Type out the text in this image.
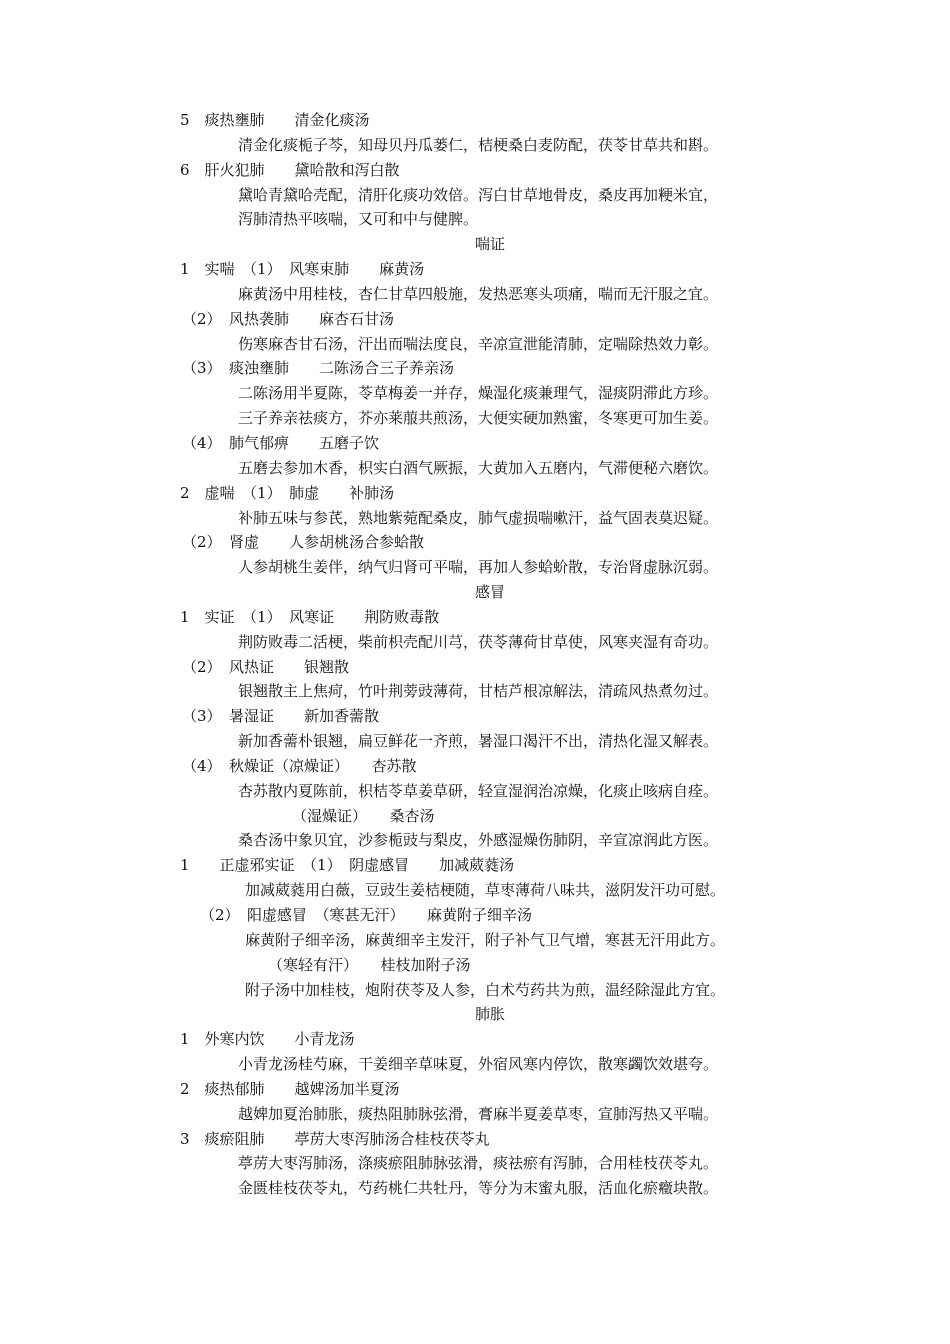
5　痰热壅肺　　清金化痰汤
清金化痰栀子芩，知母贝丹瓜蒌仁，桔梗桑白麦防配，茯苓甘草共和斟。
6　肝火犯肺　　黛哈散和泻白散
黛哈青黛哈壳配，清肝化痰功效倍。泻白甘草地骨皮，桑皮再加粳米宜，
泻肺清热平咳喘，又可和中与健脾。
喘证
1　实喘　（1）　风寒束肺　　麻黄汤
麻黄汤中用桂枝，杏仁甘草四般施，发热恶寒头项痛，喘而无汗服之宜。
（2）　风热袭肺　　麻杏石甘汤
伤寒麻杏甘石汤，汗出而喘法度良，辛凉宣泄能清肺，定喘除热效力彰。
（3）　痰浊壅肺　　二陈汤合三子养亲汤
二陈汤用半夏陈，苓草梅姜一并存，燥湿化痰兼理气，湿痰阴滞此方珍。
三子养亲祛痰方，芥亦莱菔共煎汤，大便实硬加熟蜜，冬寒更可加生姜。
（4）　肺气郁痹　　五磨子饮
五磨去参加木香，枳实白酒气厥振，大黄加入五磨内，气滞便秘六磨饮。
2　虚喘　（1）　肺虚　　补肺汤
补肺五味与参芪，熟地紫菀配桑皮，肺气虚损喘嗽汗，益气固表莫迟疑。
（2）　肾虚　　人参胡桃汤合参蛤散
人参胡桃生姜伴，纳气归肾可平喘，再加人参蛤蚧散，专治肾虚脉沉弱。
感冒
1　实证　（1）　风寒证　　荆防败毒散
荆防败毒二活梗，柴前枳壳配川芎，茯苓薄荷甘草使，风寒夹湿有奇功。
（2）　风热证　　银翘散
银翘散主上焦疴，竹叶荆蒡豉薄荷，甘桔芦根凉解法，清疏风热煮勿过。
（3）　暑湿证　　新加香薷散
新加香薷朴银翘，扁豆鲜花一齐煎，暑湿口渴汗不出，清热化湿又解表。
（4）　秋燥证（凉燥证）　　杏苏散
杏苏散内夏陈前，枳桔苓草姜草研，轻宣湿润治凉燥，化痰止咳病自痊。
（湿燥证）　　桑杏汤
桑杏汤中象贝宜，沙参栀豉与梨皮，外感湿燥伤肺阴，辛宣凉润此方医。
1　　正虚邪实证　（1）　阴虚感冒　　加减葳蕤汤
加减葳蕤用白薇，豆豉生姜桔梗随，草枣薄荷八味共，滋阴发汗功可慰。
（2）　阳虚感冒　（寒甚无汗）　　麻黄附子细辛汤
麻黄附子细辛汤，麻黄细辛主发汗，附子补气卫气增，寒甚无汗用此方。
（寒轻有汗）　　桂枝加附子汤
附子汤中加桂枝，炮附茯苓及人参，白术芍药共为煎，温经除湿此方宜。
肺胀
1　外寒内饮　　小青龙汤
小青龙汤桂芍麻，干姜细辛草味夏，外宿风寒内停饮，散寒蠲饮效堪夸。
2　痰热郁肺　　越婢汤加半夏汤
越婢加夏治肺胀，痰热阻肺脉弦滑，膏麻半夏姜草枣，宣肺泻热又平喘。
3　痰瘀阻肺　　葶苈大枣泻肺汤合桂枝茯苓丸
葶苈大枣泻肺汤，涤痰瘀阻肺脉弦滑，痰祛瘀有泻肺，合用桂枝茯苓丸。
金匮桂枝茯苓丸，芍药桃仁共牡丹，等分为末蜜丸服，活血化瘀癥块散。
